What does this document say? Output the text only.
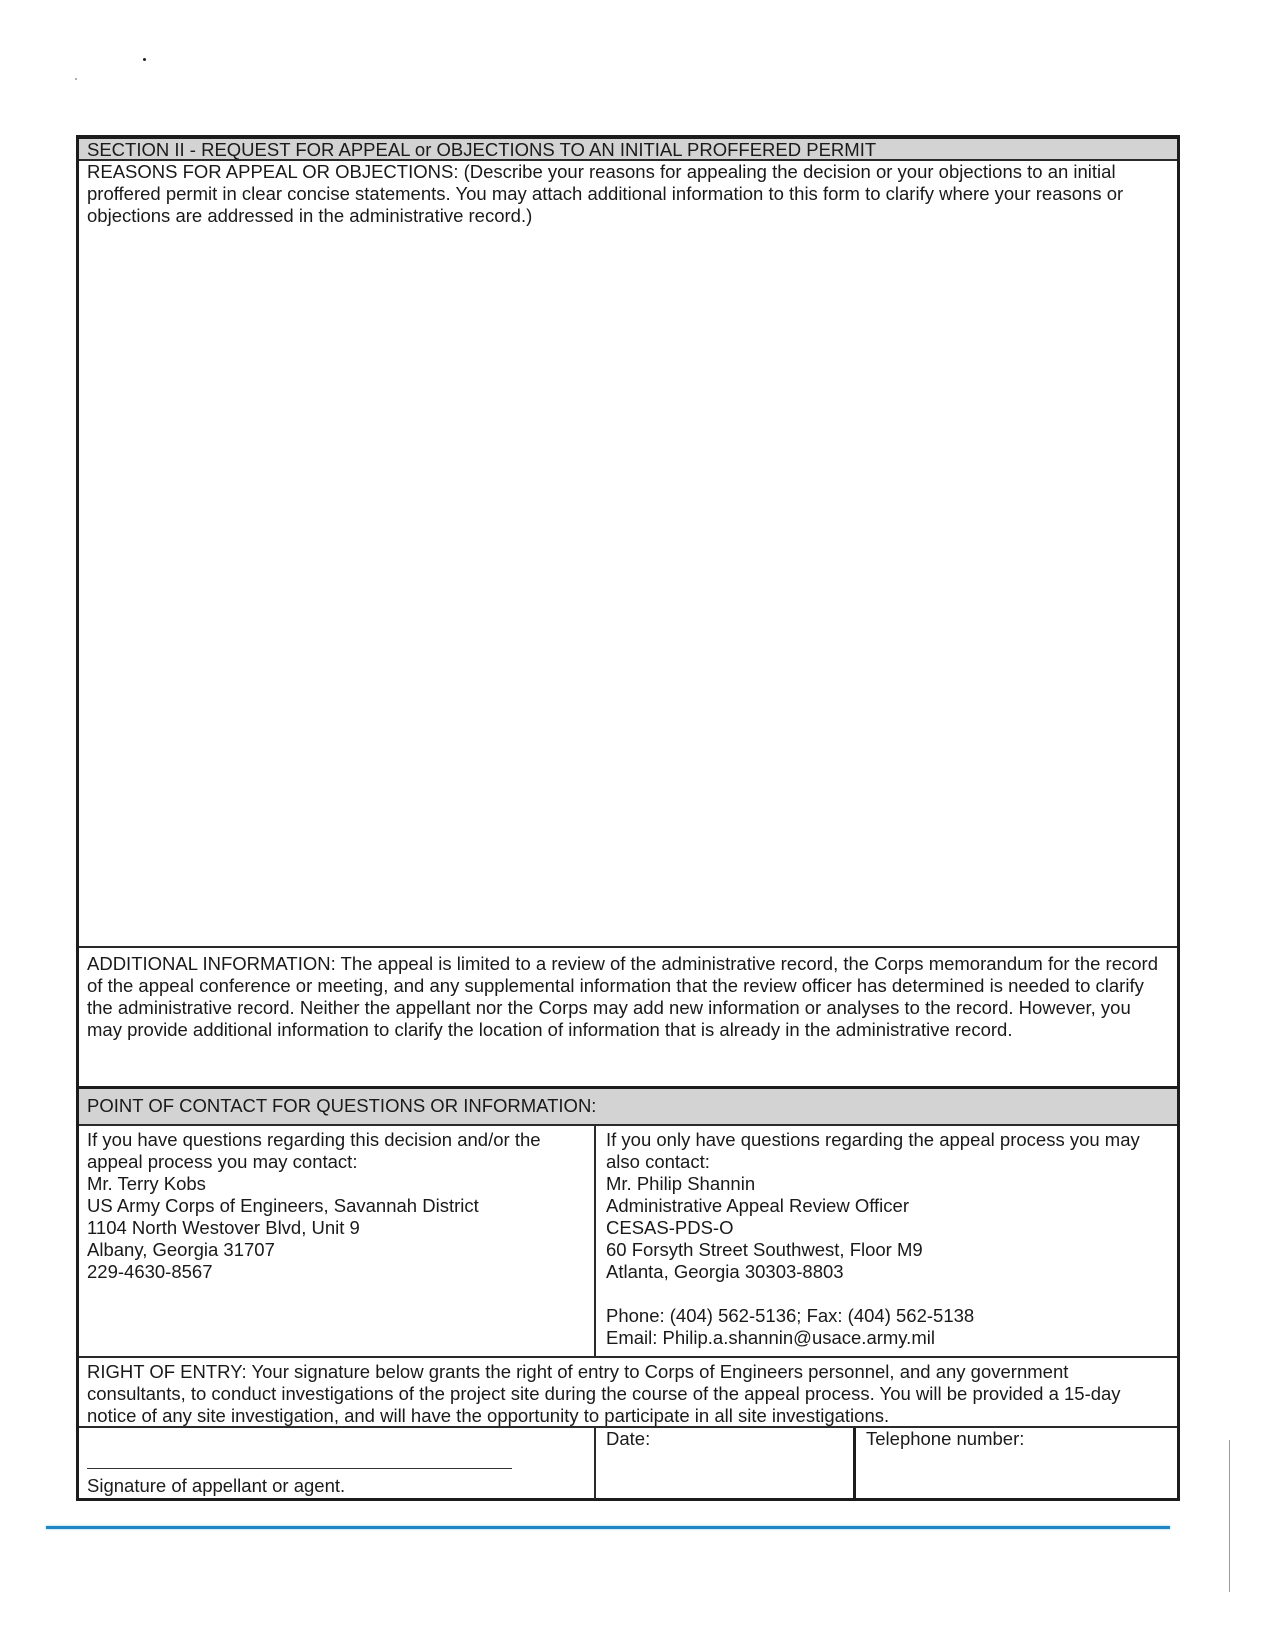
SECTION II - REQUEST FOR APPEAL or OBJECTIONS TO AN INITIAL PROFFERED PERMIT
REASONS FOR APPEAL OR OBJECTIONS: (Describe your reasons for appealing the decision or your objections to an initial proffered permit in clear concise statements. You may attach additional information to this form to clarify where your reasons or objections are addressed in the administrative record.)
ADDITIONAL INFORMATION: The appeal is limited to a review of the administrative record, the Corps memorandum for the record of the appeal conference or meeting, and any supplemental information that the review officer has determined is needed to clarify the administrative record. Neither the appellant nor the Corps may add new information or analyses to the record. However, you may provide additional information to clarify the location of information that is already in the administrative record.
POINT OF CONTACT FOR QUESTIONS OR INFORMATION:
If you have questions regarding this decision and/or the appeal process you may contact:
Mr. Terry Kobs
US Army Corps of Engineers, Savannah District
1104 North Westover Blvd, Unit 9
Albany, Georgia 31707
229-4630-8567
If you only have questions regarding the appeal process you may also contact:
Mr. Philip Shannin
Administrative Appeal Review Officer
CESAS-PDS-O
60 Forsyth Street Southwest, Floor M9
Atlanta, Georgia 30303-8803
Phone: (404) 562-5136; Fax: (404) 562-5138
Email: Philip.a.shannin@usace.army.mil
RIGHT OF ENTRY: Your signature below grants the right of entry to Corps of Engineers personnel, and any government consultants, to conduct investigations of the project site during the course of the appeal process. You will be provided a 15-day notice of any site investigation, and will have the opportunity to participate in all site investigations.
Signature of appellant or agent.
Date:	Telephone number:
